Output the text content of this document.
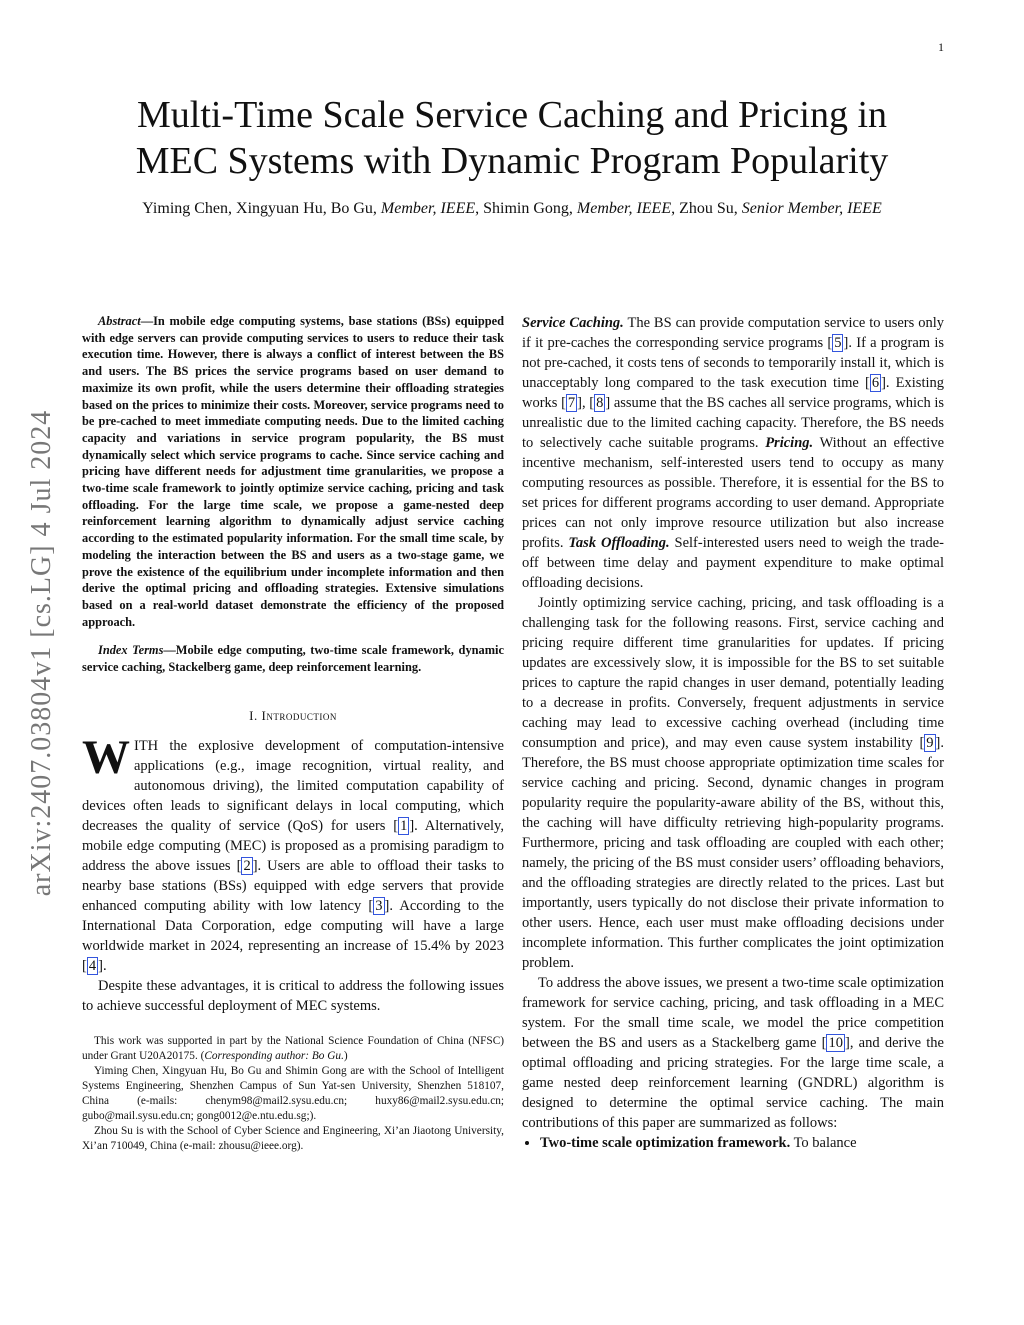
1
arXiv:2407.03804v1 [cs.LG] 4 Jul 2024
Multi-Time Scale Service Caching and Pricing in
MEC Systems with Dynamic Program Popularity
Yiming Chen, Xingyuan Hu, Bo Gu, Member, IEEE, Shimin Gong, Member, IEEE, Zhou Su, Senior Member, IEEE

Abstract—In mobile edge computing systems, base stations (BSs) equipped with edge servers can provide computing services to users to reduce their task execution time. However, there is always a conflict of interest between the BS and users. The BS prices the service programs based on user demand to maximize its own profit, while the users determine their offloading strategies based on the prices to minimize their costs. Moreover, service programs need to be pre-cached to meet immediate computing needs. Due to the limited caching capacity and variations in service program popularity, the BS must dynamically select which service programs to cache. Since service caching and pricing have different needs for adjustment time granularities, we propose a two-time scale framework to jointly optimize service caching, pricing and task offloading. For the large time scale, we propose a game-nested deep reinforcement learning algorithm to dynamically adjust service caching according to the estimated popularity information. For the small time scale, by modeling the interaction between the BS and users as a two-stage game, we prove the existence of the equilibrium under incomplete information and then derive the optimal pricing and offloading strategies. Extensive simulations based on a real-world dataset demonstrate the efficiency of the proposed approach.

Index Terms—Mobile edge computing, two-time scale framework, dynamic service caching, Stackelberg game, deep reinforcement learning.

I. Introduction

WITH the explosive development of computation-intensive applications (e.g., image recognition, virtual reality, and autonomous driving), the limited computation capability of devices often leads to significant delays in local computing, which decreases the quality of service (QoS) for users [ 1 ]. Alternatively, mobile edge computing (MEC) is proposed as a promising paradigm to address the above issues [ 2 ]. Users are able to offload their tasks to nearby base stations (BSs) equipped with edge servers that provide enhanced computing ability with low latency [ 3 ]. According to the International Data Corporation, edge computing will have a large worldwide market in 2024, representing an increase of 15.4% by 2023 [ 4 ].

Despite these advantages, it is critical to address the following issues to achieve successful deployment of MEC systems.

This work was supported in part by the National Science Foundation of China (NFSC) under Grant U20A20175. (Corresponding author: Bo Gu.)

Yiming Chen, Xingyuan Hu, Bo Gu and Shimin Gong are with the School of Intelligent Systems Engineering, Shenzhen Campus of Sun Yat-sen University, Shenzhen 518107, China (e-mails: chenym98@mail2.sysu.edu.cn; huxy86@mail2.sysu.edu.cn; gubo@mail.sysu.edu.cn; gong0012@e.ntu.edu.sg;).

Zhou Su is with the School of Cyber Science and Engineering, Xi’an Jiaotong University, Xi’an 710049, China (e-mail: zhousu@ieee.org).

Service Caching. The BS can provide computation service to users only if it pre-caches the corresponding service programs [ 5 ]. If a program is not pre-cached, it costs tens of seconds to temporarily install it, which is unacceptably long compared to the task execution time [ 6 ]. Existing works [ 7 ], [ 8 ] assume that the BS caches all service programs, which is unrealistic due to the limited caching capacity. Therefore, the BS needs to selectively cache suitable programs. Pricing. Without an effective incentive mechanism, self-interested users tend to occupy as many computing resources as possible. Therefore, it is essential for the BS to set prices for different programs according to user demand. Appropriate prices can not only improve resource utilization but also increase profits. Task Offloading. Self-interested users need to weigh the trade-off between time delay and payment expenditure to make optimal offloading decisions.

Jointly optimizing service caching, pricing, and task offloading is a challenging task for the following reasons. First, service caching and pricing require different time granularities for updates. If pricing updates are excessively slow, it is impossible for the BS to set suitable prices to capture the rapid changes in user demand, potentially leading to a decrease in profits. Conversely, frequent adjustments in service caching may lead to excessive caching overhead (including time consumption and price), and may even cause system instability [ 9 ]. Therefore, the BS must choose appropriate optimization time scales for service caching and pricing. Second, dynamic changes in program popularity require the popularity-aware ability of the BS, without this, the caching will have difficulty retrieving high-popularity programs. Furthermore, pricing and task offloading are coupled with each other; namely, the pricing of the BS must consider users’ offloading behaviors, and the offloading strategies are directly related to the prices. Last but importantly, users typically do not disclose their private information to other users. Hence, each user must make offloading decisions under incomplete information. This further complicates the joint optimization problem.

To address the above issues, we present a two-time scale optimization framework for service caching, pricing, and task offloading in a MEC system. For the small time scale, we model the price competition between the BS and users as a Stackelberg game [ 10 ], and derive the optimal offloading and pricing strategies. For the large time scale, a game nested deep reinforcement learning (GNDRL) algorithm is designed to determine the optimal service caching. The main contributions of this paper are summarized as follows:

• Two-time scale optimization framework. To balance
